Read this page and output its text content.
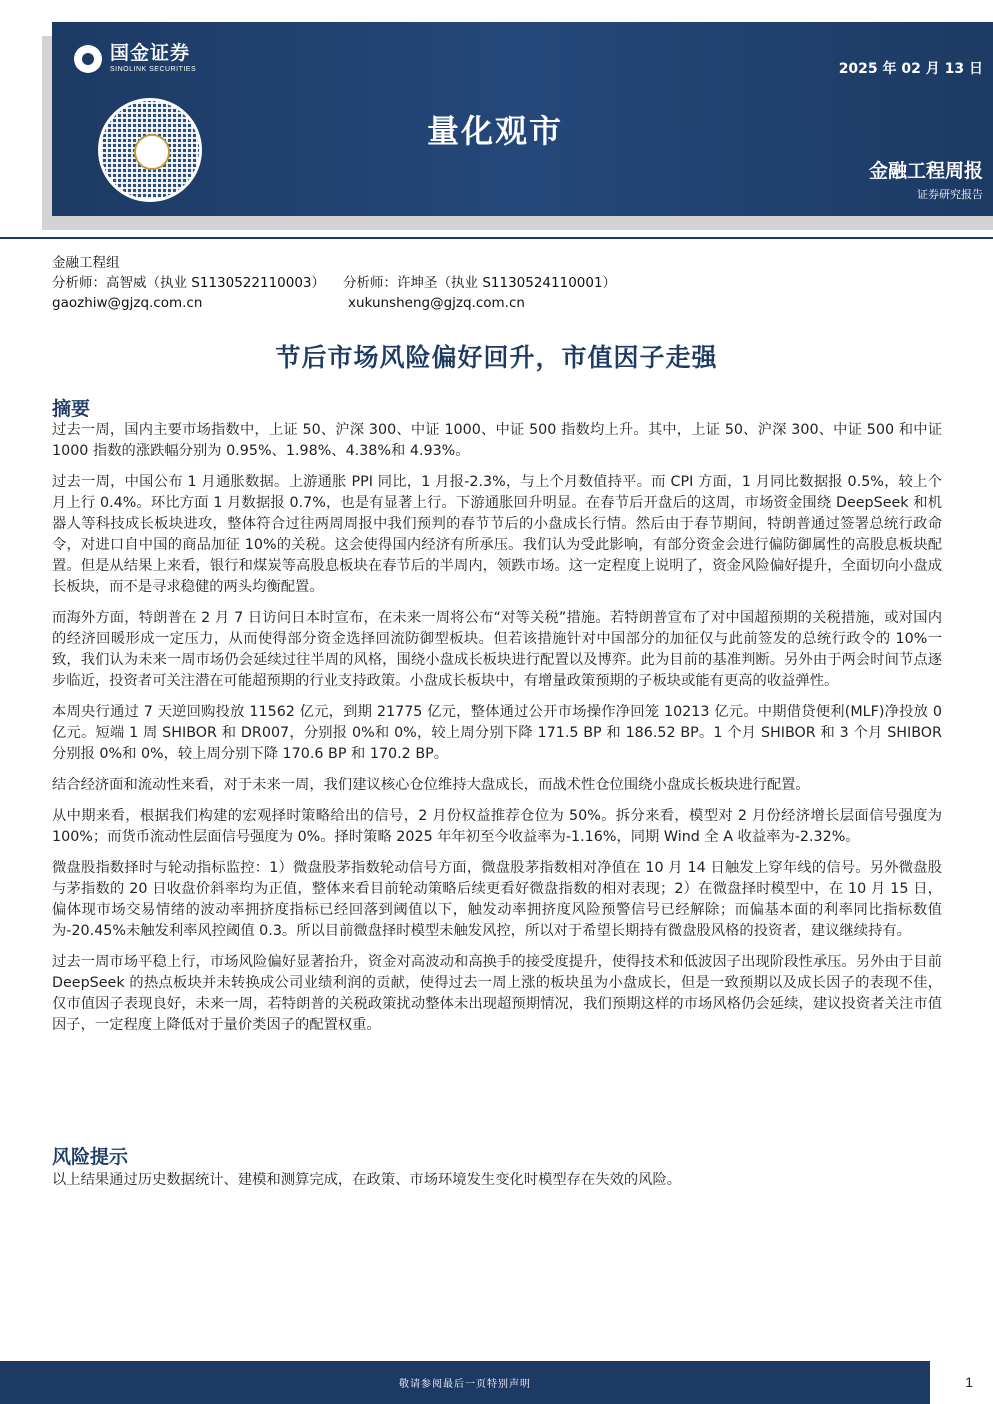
国金证券
SINOLINK SECURITIES	2025 年 02 月 13 日
量化观市
金融工程周报
证券研究报告
金融工程组
分析师：高智威（执业 S1130522110003） 分析师：许坤圣（执业 S1130524110001）
gaozhiw@gjzq.com.cn	xukunsheng@gjzq.com.cn
节后市场风险偏好回升，市值因子走强
摘要

过去一周，国内主要市场指数中，上证 50、沪深 300、中证 1000、中证 500 指数均上升。其中，上证 50、沪深 300、中证 500 和中证 1000 指数的涨跌幅分别为 0.95%、1.98%、4.38%和 4.93%。

过去一周，中国公布 1 月通胀数据。上游通胀 PPI 同比，1 月报-2.3%，与上个月数值持平。而 CPI 方面，1 月同比数据报 0.5%，较上个月上行 0.4%。环比方面 1 月数据报 0.7%，也是有显著上行。下游通胀回升明显。在春节后开盘后的这周，市场资金围绕 DeepSeek 和机器人等科技成长板块进攻，整体符合过往两周周报中我们预判的春节节后的小盘成长行情。然后由于春节期间，特朗普通过签署总统行政命令，对进口自中国的商品加征 10%的关税。这会使得国内经济有所承压。我们认为受此影响，有部分资金会进行偏防御属性的高股息板块配置。但是从结果上来看，银行和煤炭等高股息板块在春节后的半周内，领跌市场。这一定程度上说明了，资金风险偏好提升，全面切向小盘成长板块，而不是寻求稳健的两头均衡配置。

而海外方面，特朗普在 2 月 7 日访问日本时宣布，在未来一周将公布“对等关税”措施。若特朗普宣布了对中国超预期的关税措施，或对国内的经济回暖形成一定压力，从而使得部分资金选择回流防御型板块。但若该措施针对中国部分的加征仅与此前签发的总统行政令的 10%一致，我们认为未来一周市场仍会延续过往半周的风格，围绕小盘成长板块进行配置以及博弈。此为目前的基准判断。另外由于两会时间节点逐步临近，投资者可关注潜在可能超预期的行业支持政策。小盘成长板块中，有增量政策预期的子板块或能有更高的收益弹性。

本周央行通过 7 天逆回购投放 11562 亿元，到期 21775 亿元，整体通过公开市场操作净回笼 10213 亿元。中期借贷便利(MLF)净投放 0 亿元。短端 1 周 SHIBOR 和 DR007，分别报 0%和 0%，较上周分别下降 171.5 BP 和 186.52 BP。1 个月 SHIBOR 和 3 个月 SHIBOR 分别报 0%和 0%，较上周分别下降 170.6 BP 和 170.2 BP。

结合经济面和流动性来看，对于未来一周，我们建议核心仓位维持大盘成长，而战术性仓位围绕小盘成长板块进行配置。

从中期来看，根据我们构建的宏观择时策略给出的信号，2 月份权益推荐仓位为 50%。拆分来看，模型对 2 月份经济增长层面信号强度为 100%；而货币流动性层面信号强度为 0%。择时策略 2025 年年初至今收益率为-1.16%，同期 Wind 全 A 收益率为-2.32%。

微盘股指数择时与轮动指标监控：1）微盘股茅指数轮动信号方面，微盘股茅指数相对净值在 10 月 14 日触发上穿年线的信号。另外微盘股与茅指数的 20 日收盘价斜率均为正值，整体来看目前轮动策略后续更看好微盘指数的相对表现；2）在微盘择时模型中，在 10 月 15 日，偏体现市场交易情绪的波动率拥挤度指标已经回落到阈值以下，触发动率拥挤度风险预警信号已经解除；而偏基本面的利率同比指标数值为-20.45%未触发利率风控阈值 0.3。所以目前微盘择时模型未触发风控，所以对于希望长期持有微盘股风格的投资者，建议继续持有。

过去一周市场平稳上行，市场风险偏好显著抬升，资金对高波动和高换手的接受度提升，使得技术和低波因子出现阶段性承压。另外由于目前 DeepSeek 的热点板块并未转换成公司业绩利润的贡献，使得过去一周上涨的板块虽为小盘成长，但是一致预期以及成长因子的表现不佳，仅市值因子表现良好，未来一周，若特朗普的关税政策扰动整体未出现超预期情况，我们预期这样的市场风格仍会延续，建议投资者关注市值因子，一定程度上降低对于量价类因子的配置权重。

风险提示

以上结果通过历史数据统计、建模和测算完成，在政策、市场环境发生变化时模型存在失效的风险。

敬请参阅最后一页特别声明	1
